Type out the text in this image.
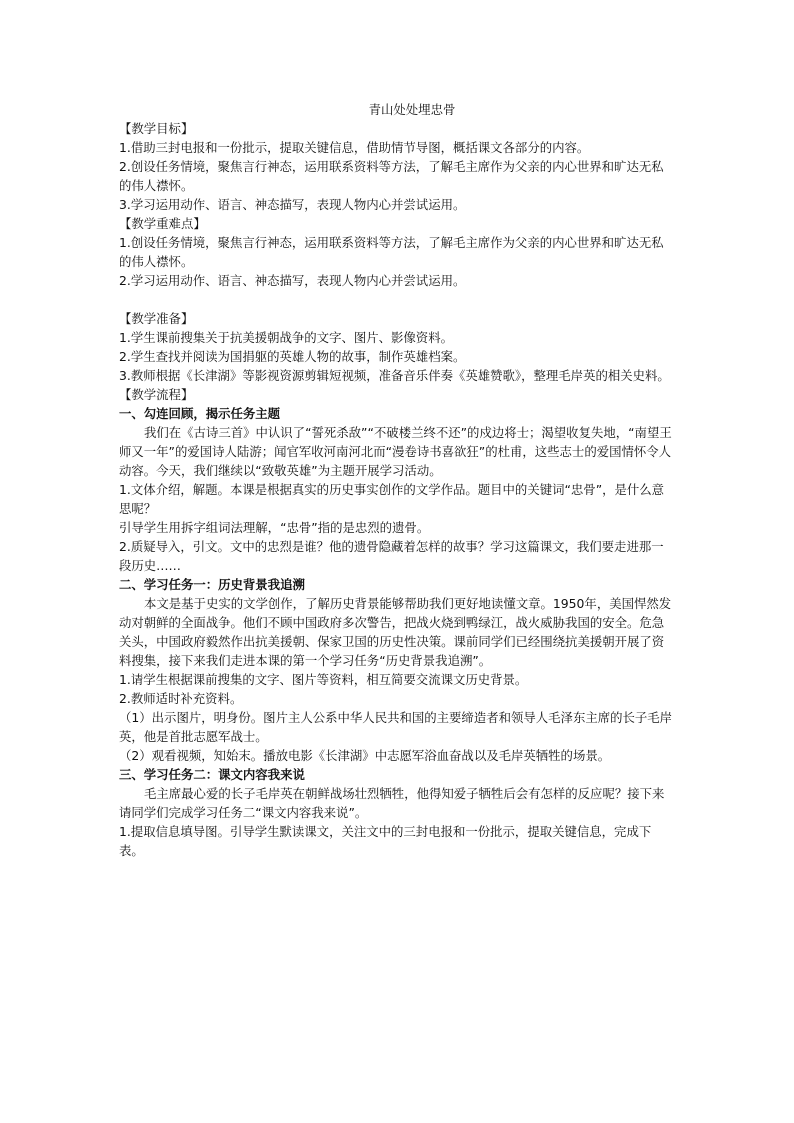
青山处处埋忠骨

【教学目标】

1.借助三封电报和一份批示，提取关键信息，借助情节导图，概括课文各部分的内容。

2.创设任务情境，聚焦言行神态，运用联系资料等方法，了解毛主席作为父亲的内心世界和旷达无私的伟人襟怀。

3.学习运用动作、语言、神态描写，表现人物内心并尝试运用。

【教学重难点】

1.创设任务情境，聚焦言行神态，运用联系资料等方法，了解毛主席作为父亲的内心世界和旷达无私的伟人襟怀。

2.学习运用动作、语言、神态描写，表现人物内心并尝试运用。

【教学准备】

1.学生课前搜集关于抗美援朝战争的文字、图片、影像资料。

2.学生查找并阅读为国捐躯的英雄人物的故事，制作英雄档案。

3.教师根据《长津湖》等影视资源剪辑短视频，准备音乐伴奏《英雄赞歌》，整理毛岸英的相关史料。

【教学流程】

一、勾连回顾，揭示任务主题

我们在《古诗三首》中认识了“誓死杀敌”“不破楼兰终不还”的戍边将士；渴望收复失地，“南望王师又一年”的爱国诗人陆游；闻官军收河南河北而“漫卷诗书喜欲狂”的杜甫，这些志士的爱国情怀令人动容。今天，我们继续以“致敬英雄”为主题开展学习活动。

1.文体介绍，解题。本课是根据真实的历史事实创作的文学作品。题目中的关键词“忠骨”，是什么意思呢？

引导学生用拆字组词法理解，“忠骨”指的是忠烈的遗骨。

2.质疑导入，引文。文中的忠烈是谁？他的遗骨隐藏着怎样的故事？学习这篇课文，我们要走进那一段历史……

二、学习任务一：历史背景我追溯

本文是基于史实的文学创作，了解历史背景能够帮助我们更好地读懂文章。1950年，美国悍然发动对朝鲜的全面战争。他们不顾中国政府多次警告，把战火烧到鸭绿江，战火威胁我国的安全。危急关头，中国政府毅然作出抗美援朝、保家卫国的历史性决策。课前同学们已经围绕抗美援朝开展了资料搜集，接下来我们走进本课的第一个学习任务“历史背景我追溯”。

1.请学生根据课前搜集的文字、图片等资料，相互简要交流课文历史背景。

2.教师适时补充资料。

（1）出示图片，明身份。图片主人公系中华人民共和国的主要缔造者和领导人毛泽东主席的长子毛岸英，他是首批志愿军战士。

（2）观看视频，知始末。播放电影《长津湖》中志愿军浴血奋战以及毛岸英牺牲的场景。

三、学习任务二：课文内容我来说

毛主席最心爱的长子毛岸英在朝鲜战场壮烈牺牲，他得知爱子牺牲后会有怎样的反应呢？接下来请同学们完成学习任务二“课文内容我来说”。

1.提取信息填导图。引导学生默读课文，关注文中的三封电报和一份批示，提取关键信息，完成下表。
